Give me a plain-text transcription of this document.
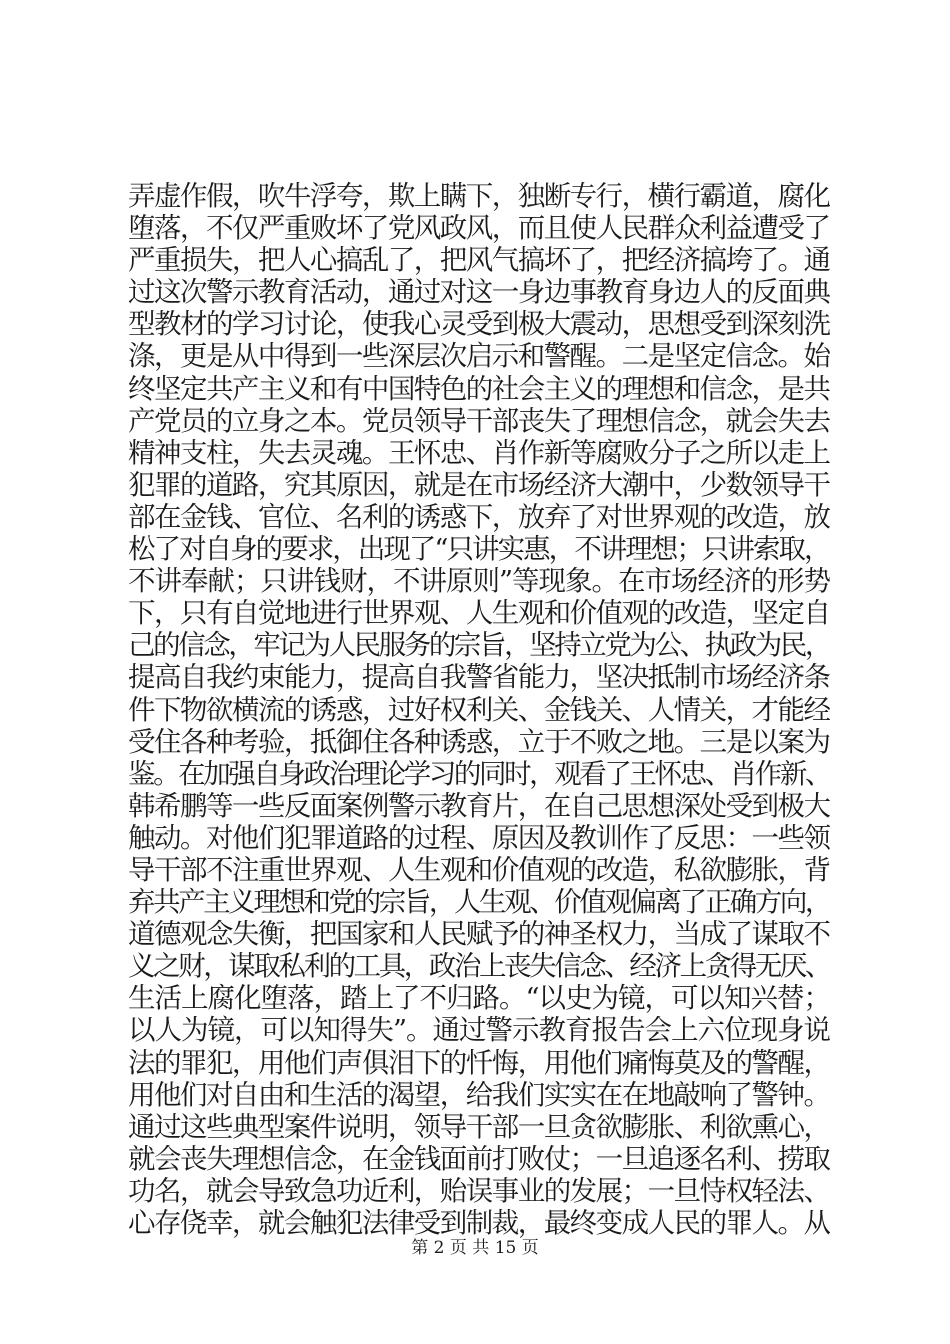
弄虚作假，吹牛浮夸，欺上瞒下，独断专行，横行霸道，腐化
堕落，不仅严重败坏了党风政风，而且使人民群众利益遭受了
严重损失，把人心搞乱了，把风气搞坏了，把经济搞垮了。通
过这次警示教育活动，通过对这一身边事教育身边人的反面典
型教材的学习讨论，使我心灵受到极大震动，思想受到深刻洗
涤，更是从中得到一些深层次启示和警醒。二是坚定信念。始
终坚定共产主义和有中国特色的社会主义的理想和信念，是共
产党员的立身之本。党员领导干部丧失了理想信念，就会失去
精神支柱，失去灵魂。王怀忠、肖作新等腐败分子之所以走上
犯罪的道路，究其原因，就是在市场经济大潮中，少数领导干
部在金钱、官位、名利的诱惑下，放弃了对世界观的改造，放
松了对自身的要求，出现了“只讲实惠，不讲理想；只讲索取，
不讲奉献；只讲钱财，不讲原则”等现象。在市场经济的形势
下，只有自觉地进行世界观、人生观和价值观的改造，坚定自
己的信念，牢记为人民服务的宗旨，坚持立党为公、执政为民，
提高自我约束能力，提高自我警省能力，坚决抵制市场经济条
件下物欲横流的诱惑，过好权利关、金钱关、人情关，才能经
受住各种考验，抵御住各种诱惑，立于不败之地。三是以案为
鉴。在加强自身政治理论学习的同时，观看了王怀忠、肖作新、
韩希鹏等一些反面案例警示教育片，在自己思想深处受到极大
触动。对他们犯罪道路的过程、原因及教训作了反思：一些领
导干部不注重世界观、人生观和价值观的改造，私欲膨胀，背
弃共产主义理想和党的宗旨，人生观、价值观偏离了正确方向，
道德观念失衡，把国家和人民赋予的神圣权力，当成了谋取不
义之财，谋取私利的工具，政治上丧失信念、经济上贪得无厌、
生活上腐化堕落，踏上了不归路。“以史为镜，可以知兴替；
以人为镜，可以知得失”。通过警示教育报告会上六位现身说
法的罪犯，用他们声俱泪下的忏悔，用他们痛悔莫及的警醒，
用他们对自由和生活的渴望，给我们实实在在地敲响了警钟。
通过这些典型案件说明，领导干部一旦贪欲膨胀、利欲熏心，
就会丧失理想信念，在金钱面前打败仗；一旦追逐名利、捞取
功名，就会导致急功近利，贻误事业的发展；一旦恃权轻法、
心存侥幸，就会触犯法律受到制裁，最终变成人民的罪人。从
第 2 页 共 15 页
